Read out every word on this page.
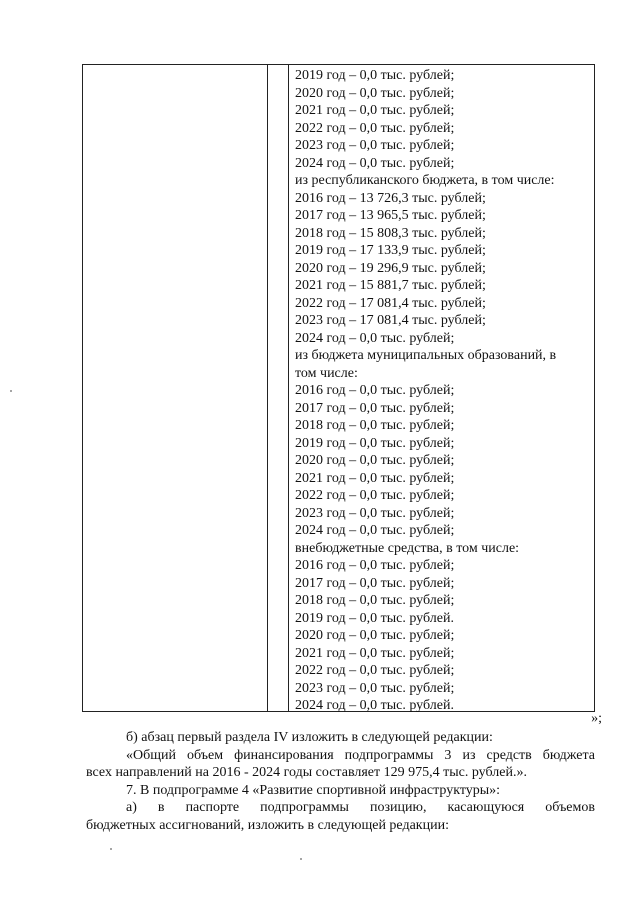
2019 год – 0,0 тыс. рублей;
2020 год – 0,0 тыс. рублей;
2021 год – 0,0 тыс. рублей;
2022 год – 0,0 тыс. рублей;
2023 год – 0,0 тыс. рублей;
2024 год – 0,0 тыс. рублей;
из республиканского бюджета, в том числе:
2016 год – 13 726,3 тыс. рублей;
2017 год – 13 965,5 тыс. рублей;
2018 год – 15 808,3 тыс. рублей;
2019 год – 17 133,9 тыс. рублей;
2020 год – 19 296,9 тыс. рублей;
2021 год – 15 881,7 тыс. рублей;
2022 год – 17 081,4 тыс. рублей;
2023 год – 17 081,4 тыс. рублей;
2024 год – 0,0 тыс. рублей;
из бюджета муниципальных образований, в
том числе:
2016 год – 0,0 тыс. рублей;
2017 год – 0,0 тыс. рублей;
2018 год – 0,0 тыс. рублей;
2019 год – 0,0 тыс. рублей;
2020 год – 0,0 тыс. рублей;
2021 год – 0,0 тыс. рублей;
2022 год – 0,0 тыс. рублей;
2023 год – 0,0 тыс. рублей;
2024 год – 0,0 тыс. рублей;
внебюджетные средства, в том числе:
2016 год – 0,0 тыс. рублей;
2017 год – 0,0 тыс. рублей;
2018 год – 0,0 тыс. рублей;
2019 год – 0,0 тыс. рублей.
2020 год – 0,0 тыс. рублей;
2021 год – 0,0 тыс. рублей;
2022 год – 0,0 тыс. рублей;
2023 год – 0,0 тыс. рублей;
2024 год – 0,0 тыс. рублей.
»;
б) абзац первый раздела IV изложить в следующей редакции:
«Общий объем финансирования подпрограммы 3 из средств бюджета
всех направлений на 2016 - 2024 годы составляет 129 975,4 тыс. рублей.».
7. В подпрограмме 4 «Развитие спортивной инфраструктуры»:
а) в паспорте подпрограммы позицию, касающуюся объемов
бюджетных ассигнований, изложить в следующей редакции:
